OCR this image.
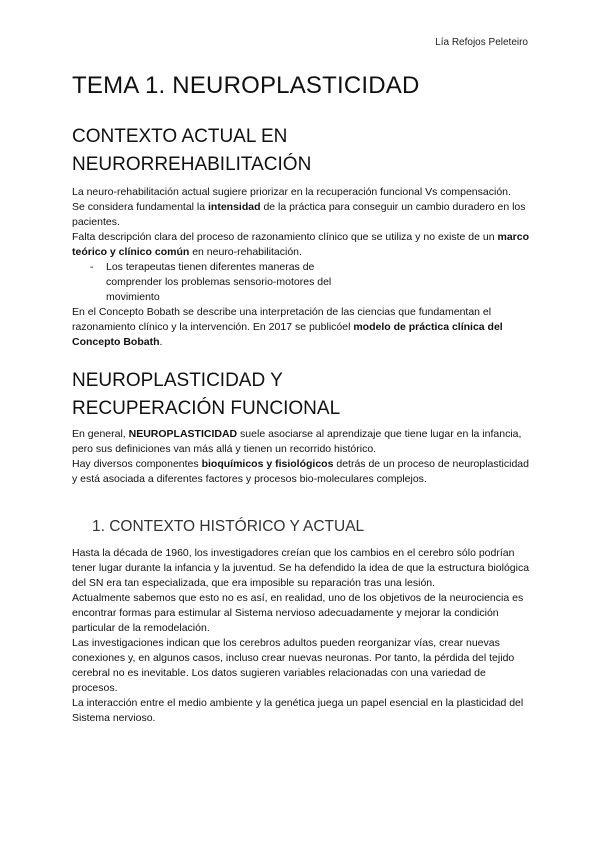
Lía Refojos Peleteiro
TEMA 1. NEUROPLASTICIDAD
CONTEXTO ACTUAL EN NEURORREHABILITACIÓN

La neuro-rehabilitación actual sugiere priorizar en la recuperación funcional Vs compensación.

Se considera fundamental la intensidad de la práctica para conseguir un cambio duradero en los pacientes.

Falta descripción clara del proceso de razonamiento clínico que se utiliza y no existe de un marco teórico y clínico común en neuro-rehabilitación.

- Los terapeutas tienen diferentes maneras de comprender los problemas sensorio-motores del movimiento

En el Concepto Bobath se describe una interpretación de las ciencias que fundamentan el razonamiento clínico y la intervención. En 2017 se publicóel modelo de práctica clínica del Concepto Bobath.

NEUROPLASTICIDAD Y RECUPERACIÓN FUNCIONAL

En general, NEUROPLASTICIDAD suele asociarse al aprendizaje que tiene lugar en la infancia, pero sus definiciones van más allá y tienen un recorrido histórico.

Hay diversos componentes bioquímicos y fisiológicos detrás de un proceso de neuroplasticidad y está asociada a diferentes factores y procesos bio-moleculares complejos.

1. CONTEXTO HISTÓRICO Y ACTUAL

Hasta la década de 1960, los investigadores creían que los cambios en el cerebro sólo podrían tener lugar durante la infancia y la juventud. Se ha defendido la idea de que la estructura biológica del SN era tan especializada, que era imposible su reparación tras una lesión.

Actualmente sabemos que esto no es así, en realidad, uno de los objetivos de la neurociencia es encontrar formas para estimular al Sistema nervioso adecuadamente y mejorar la condición particular de la remodelación.

Las investigaciones indican que los cerebros adultos pueden reorganizar vías, crear nuevas conexiones y, en algunos casos, incluso crear nuevas neuronas. Por tanto, la pérdida del tejido cerebral no es inevitable. Los datos sugieren variables relacionadas con una variedad de procesos.

La interacción entre el medio ambiente y la genética juega un papel esencial en la plasticidad del Sistema nervioso.
